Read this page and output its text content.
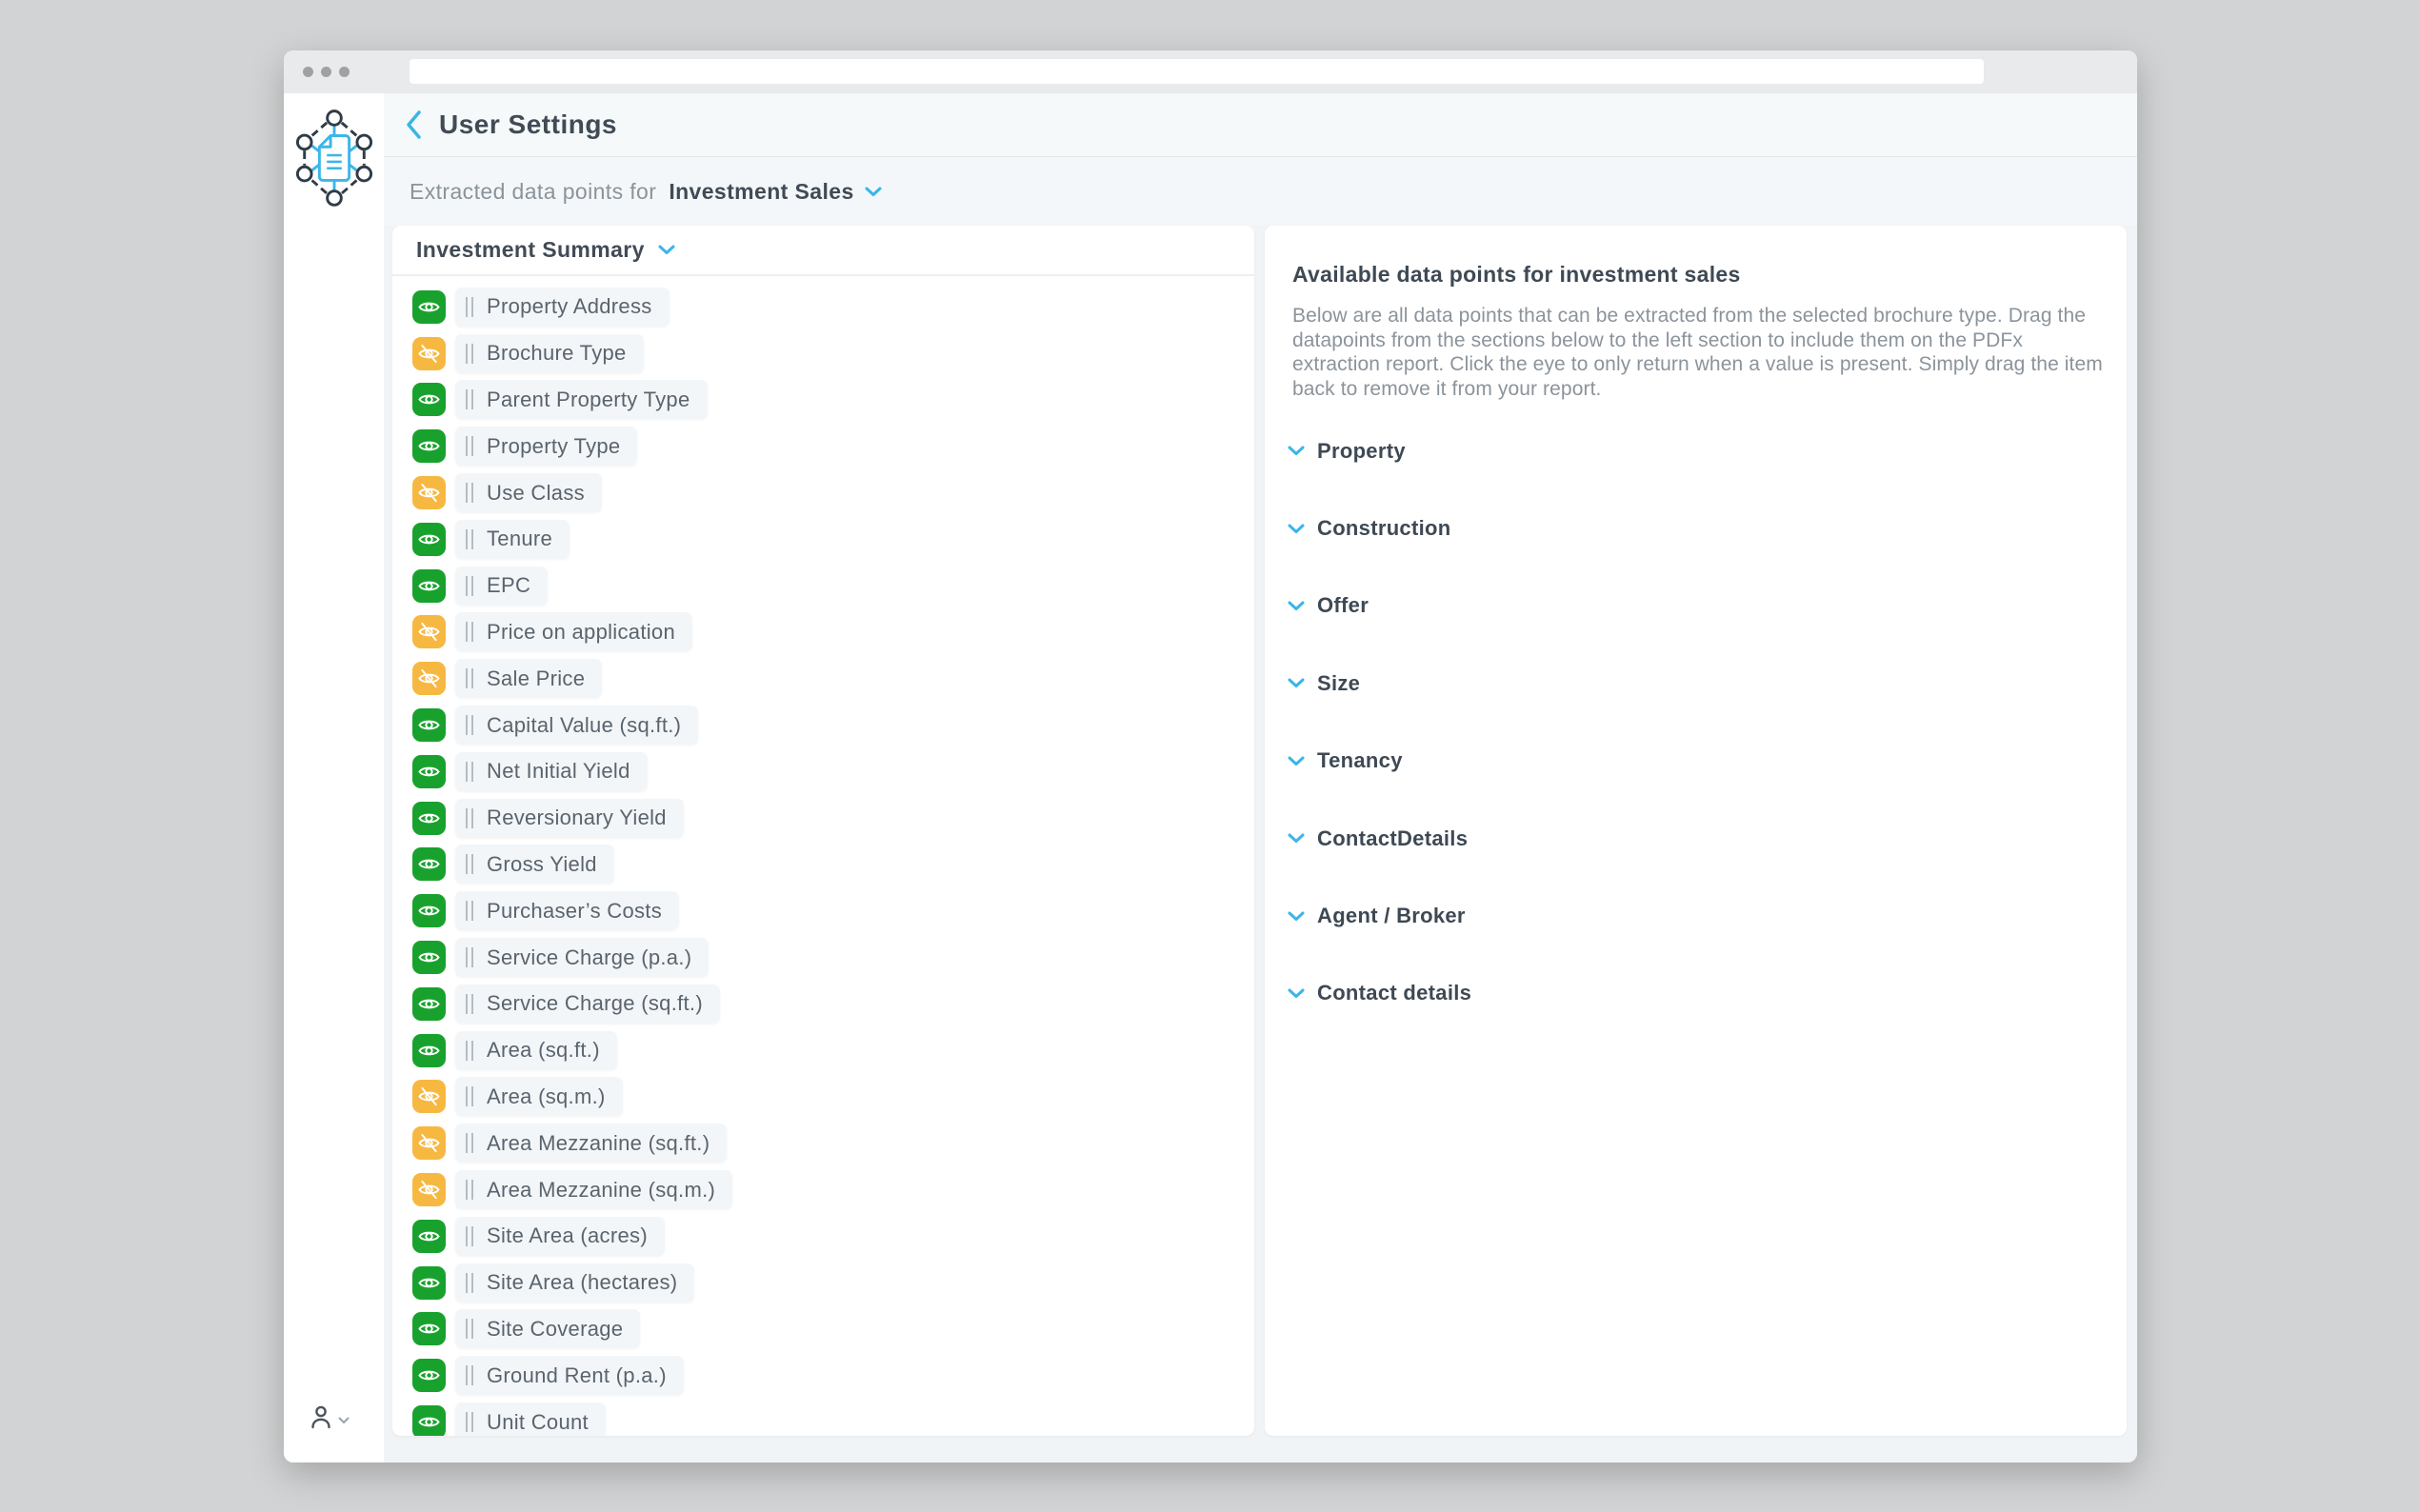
User Settings
Extracted data points for Investment Sales
Investment Summary
Property Address
Brochure Type
Parent Property Type
Property Type
Use Class
Tenure
EPC
Price on application
Sale Price
Capital Value (sq.ft.)
Net Initial Yield
Reversionary Yield
Gross Yield
Purchaser’s Costs
Service Charge (p.a.)
Service Charge (sq.ft.)
Area (sq.ft.)
Area (sq.m.)
Area Mezzanine (sq.ft.)
Area Mezzanine (sq.m.)
Site Area (acres)
Site Area (hectares)
Site Coverage
Ground Rent (p.a.)
Unit Count
Available data points for investment sales

Below are all data points that can be extracted from the selected brochure type. Drag the datapoints from the sections below to the left section to include them on the PDFx extraction report. Click the eye to only return when a value is present. Simply drag the item back to remove it from your report.

Property
Construction
Offer
Size
Tenancy
ContactDetails
Agent / Broker
Contact details
